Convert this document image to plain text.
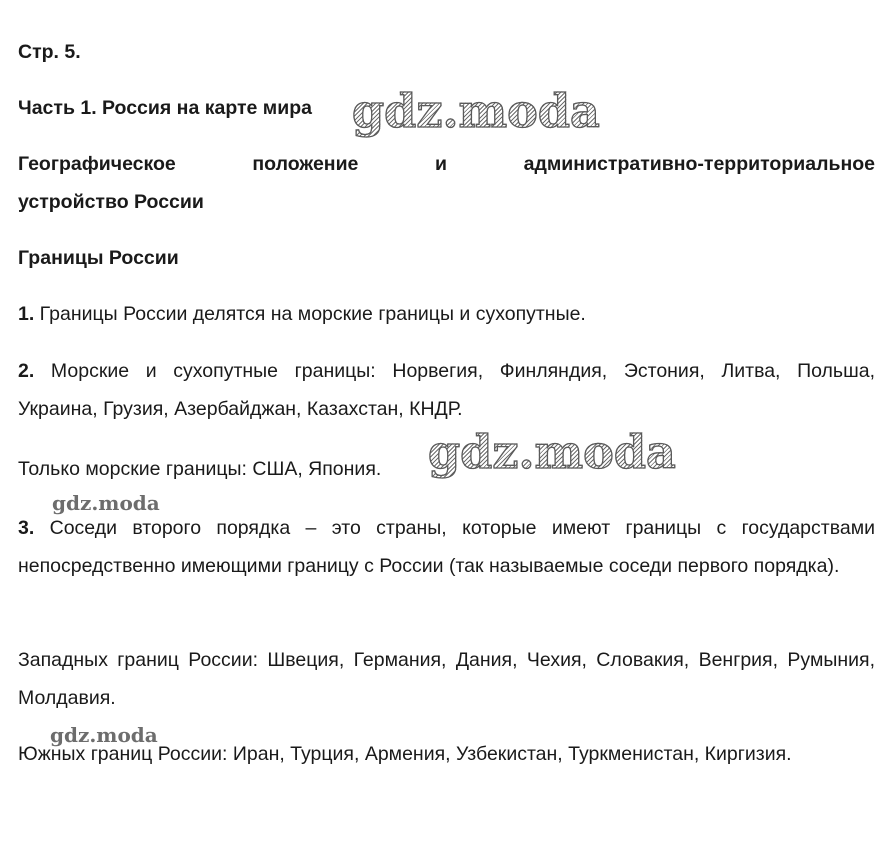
Стр. 5.
Часть 1. Россия на карте мира
Географическое	положение	и	административно-территориальное
устройство России
Границы России
1. Границы России делятся на морские границы и сухопутные.
2. Морские и сухопутные границы: Норвегия, Финляндия, Эстония, Литва, Польша,
Украина, Грузия, Азербайджан, Казахстан, КНДР.
Только морские границы: США, Япония.
3. Соседи второго порядка – это страны, которые имеют границы с государствами непосредственно имеющими границу с России (так называемые соседи первого порядка).
Западных границ России: Швеция, Германия, Дания, Чехия, Словакия, Венгрия, Румыния, Молдавия.
Южных границ России: Иран, Турция, Армения, Узбекистан, Туркменистан, Киргизия.
gdz.moda
gdz.moda
gdz.moda
gdz.moda
